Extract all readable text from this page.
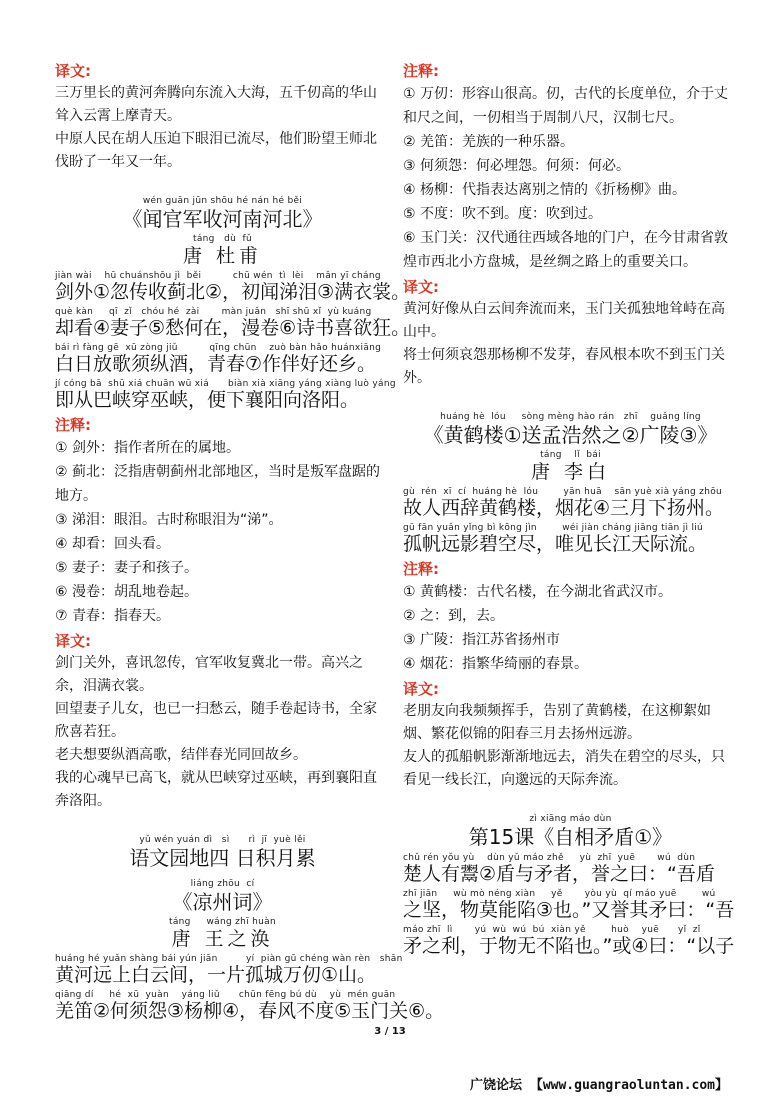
译文:

三万里长的黄河奔腾向东流入大海，五千仞高的华山耸入云霄上摩青天。

中原人民在胡人压迫下眼泪已流尽，他们盼望王师北伐盼了一年又一年。

wén guān jūn shōu hé nán hé běi
《闻官军收河南河北》
táng   dù  fǔ
唐 杜甫
jiàn wài    hū chuánshōu jì  běi          chū wén  tì  lèi    mǎn yī cháng

剑外①忽传收蓟北②，初闻涕泪③满衣裳。

què kàn     qī  zǐ   chóu hé  zài       màn juǎn   shī shū xǐ  yù kuáng

却看④妻子⑤愁何在，漫卷⑥诗书喜欲狂。

bái rì fàng gē  xū zòng jiǔ          qīng chūn    zuò bàn hǎo huánxiāng

白日放歌须纵酒，青春⑦作伴好还乡。

jí cóng bā  shū xiá chuān wū xiá      biàn xià xiāng yáng xiàng luò yáng

即从巴峡穿巫峡，便下襄阳向洛阳。

注释:

① 剑外：指作者所在的属地。

② 蓟北：泛指唐朝蓟州北部地区，当时是叛军盘踞的地方。

③ 涕泪：眼泪。古时称眼泪为“涕”。

④ 却看：回头看。

⑤ 妻子：妻子和孩子。

⑥ 漫卷：胡乱地卷起。

⑦ 青春：指春天。

译文:

剑门关外，喜讯忽传，官军收复冀北一带。高兴之余，泪满衣裳。

回望妻子儿女，也已一扫愁云，随手卷起诗书，全家欣喜若狂。

老夫想要纵酒高歌，结伴春光同回故乡。

我的心魂早已高飞，就从巴峡穿过巫峡，再到襄阳直奔洛阳。

yǔ wén yuán dì   sì      rì  jī  yuè lěi
语文园地四 日积月累
liáng zhōu  cí
《凉州词》
táng     wáng zhī huàn
唐 王之涣
huáng hé yuǎn shàng bái yún jiān         yí  piàn gū chéng wàn rèn   shān

黄河远上白云间，一片孤城万仞①山。

qiāng dí     hé  xū  yuàn    yáng liǔ      chūn fēng bú dù    yù  mén guān

羌笛②何须怨③杨柳④，春风不度⑤玉门关⑥。

注释:

① 万仞：形容山很高。仞，古代的长度单位，介于丈和尺之间，一仞相当于周制八尺，汉制七尺。

② 羌笛：羌族的一种乐器。

③ 何须怨：何必埋怨。何须：何必。

④ 杨柳：代指表达离别之情的《折杨柳》曲。

⑤ 不度：吹不到。度：吹到过。

⑥ 玉门关：汉代通往西域各地的门户，在今甘肃省敦煌市西北小方盘城，是丝绸之路上的重要关口。

译文:

黄河好像从白云间奔流而来，玉门关孤独地耸峙在高山中。

将士何须哀怨那杨柳不发芽，春风根本吹不到玉门关外。

huáng hè  lóu     sòng mèng hào rán   zhī    guǎng líng
《黄鹤楼①送孟浩然之②广陵③》
táng    lǐ  bái
唐 李白
gù  rén  xī  cí  huáng hè  lóu        yān huā    sān yuè xià yáng zhōu

故人西辞黄鹤楼，烟花④三月下扬州。

gū fān yuǎn yǐng bì kōng jìn        wéi jiàn cháng jiāng tiān jì liú

孤帆远影碧空尽，唯见长江天际流。

注释:

① 黄鹤楼：古代名楼，在今湖北省武汉市。

② 之：到，去。

③ 广陵：指江苏省扬州市

④ 烟花：指繁华绮丽的春景。

译文:

老朋友向我频频挥手，告别了黄鹤楼，在这柳絮如烟、繁花似锦的阳春三月去扬州远游。

友人的孤船帆影渐渐地远去，消失在碧空的尽头，只看见一线长江，向邈远的天际奔流。

zì xiāng máo dùn
第15课《自相矛盾①》
chǔ rén yǒu yù    dùn yǔ máo zhě     yù  zhī  yuē       wú  dùn

楚人有鬻②盾与矛者，誉之曰：“吾盾

zhī jiān     wù mò néng xiàn     yě       yòu yù  qí máo yuē        wú

之坚，物莫能陷③也。”又誉其矛曰：“吾

máo zhī  lì       yú  wù  wú  bú  xiàn yě        huò    yuē      yǐ  zǐ

矛之利，于物无不陷也。”或④曰：“以子

3 / 13
广饶论坛 【www.guangraoluntan.com】
